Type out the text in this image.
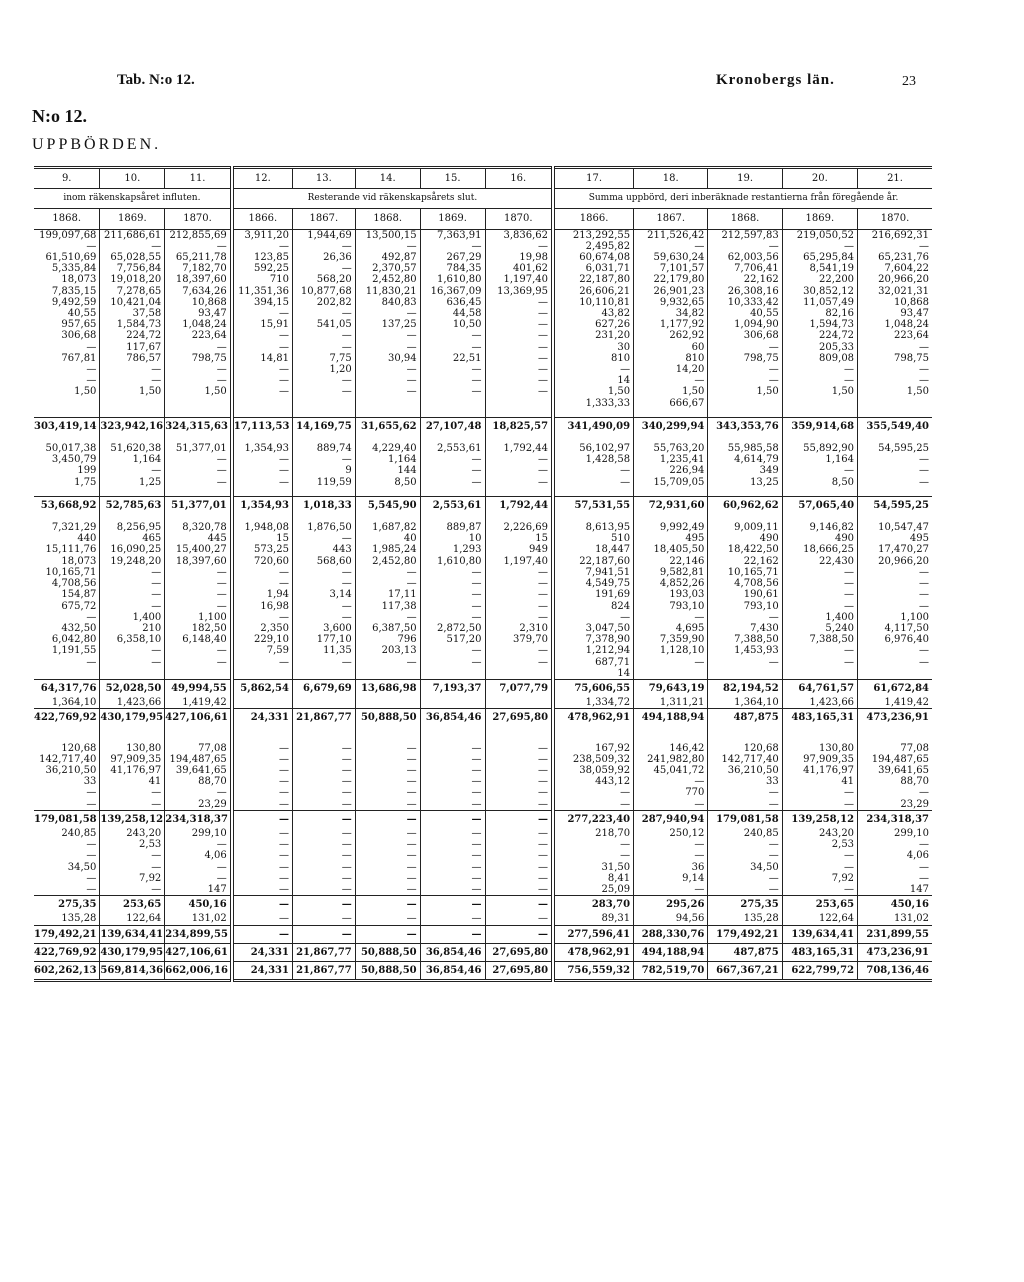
Tab. N:o 12.	Kronobergs län.	23
N:o 12.
UPPBÖRDEN.
9.	10.	11.	12.	13.	14.	15.	16.	17.	18.	19.	20.	21.
inom räkenskapsåret influten.			Resterande vid räkenskapsårets slut.					Summa uppbörd, deri inberäknade restantierna från föregående år.				
1868.	1869.	1870.	1866.	1867.	1868.	1869.	1870.	1866.	1867.	1868.	1869.	1870.
199,097,68	211,686,61	212,855,69	3,911,20	1,944,69	13,500,15	7,363,91	3,836,62	213,292,55	211,526,42	212,597,83	219,050,52	216,692,31
—	—	—	—	—	—	—	—	2,495,82	—	—	—	—
61,510,69	65,028,55	65,211,78	123,85	26,36	492,87	267,29	19,98	60,674,08	59,630,24	62,003,56	65,295,84	65,231,76
5,335,84	7,756,84	7,182,70	592,25	—	2,370,57	784,35	401,62	6,031,71	7,101,57	7,706,41	8,541,19	7,604,22
18,073	19,018,20	18,397,60	710	568,20	2,452,80	1,610,80	1,197,40	22,187,80	22,179,80	22,162	22,200	20,966,20
7,835,15	7,278,65	7,634,26	11,351,36	10,877,68	11,830,21	16,367,09	13,369,95	26,606,21	26,901,23	26,308,16	30,852,12	32,021,31
9,492,59	10,421,04	10,868	394,15	202,82	840,83	636,45	—	10,110,81	9,932,65	10,333,42	11,057,49	10,868
40,55	37,58	93,47	—	—	—	44,58	—	43,82	34,82	40,55	82,16	93,47
957,65	1,584,73	1,048,24	15,91	541,05	137,25	10,50	—	627,26	1,177,92	1,094,90	1,594,73	1,048,24
306,68	224,72	223,64	—	—	—	—	—	231,20	262,92	306,68	224,72	223,64
—	117,67	—	—	—	—	—	—	30	60	—	205,33	—
767,81	786,57	798,75	14,81	7,75	30,94	22,51	—	810	810	798,75	809,08	798,75
—	—	—	—	1,20	—	—	—	—	14,20	—	—	—
—	—	—	—	—	—	—	—	14	—	—	—	—
1,50	1,50	1,50	—	—	—	—	—	1,50	1,50	1,50	1,50	1,50
								1,333,33	666,67			

303,419,14	323,942,16	324,315,63	17,113,53	14,169,75	31,655,62	27,107,48	18,825,57	341,490,09	340,299,94	343,353,76	359,914,68	355,549,40

50,017,38	51,620,38	51,377,01	1,354,93	889,74	4,229,40	2,553,61	1,792,44	56,102,97	55,763,20	55,985,58	55,892,90	54,595,25
3,450,79	1,164	—	—	—	1,164	—	—	1,428,58	1,235,41	4,614,79	1,164	—
199	—	—	—	9	144	—	—	—	226,94	349	—	—
1,75	1,25	—	—	119,59	8,50	—	—	—	15,709,05	13,25	8,50	—

53,668,92	52,785,63	51,377,01	1,354,93	1,018,33	5,545,90	2,553,61	1,792,44	57,531,55	72,931,60	60,962,62	57,065,40	54,595,25

7,321,29	8,256,95	8,320,78	1,948,08	1,876,50	1,687,82	889,87	2,226,69	8,613,95	9,992,49	9,009,11	9,146,82	10,547,47
440	465	445	15	—	40	10	15	510	495	490	490	495
15,111,76	16,090,25	15,400,27	573,25	443	1,985,24	1,293	949	18,447	18,405,50	18,422,50	18,666,25	17,470,27
18,073	19,248,20	18,397,60	720,60	568,60	2,452,80	1,610,80	1,197,40	22,187,60	22,146	22,162	22,430	20,966,20
10,165,71	—	—	—	—	—	—	—	7,941,51	9,582,81	10,165,71	—	—
4,708,56	—	—	—	—	—	—	—	4,549,75	4,852,26	4,708,56	—	—
154,87	—	—	1,94	3,14	17,11	—	—	191,69	193,03	190,61	—	—
675,72	—	—	16,98	—	117,38	—	—	824	793,10	793,10	—	—
—	1,400	1,100	—	—	—	—	—	—	—	—	1,400	1,100
432,50	210	182,50	2,350	3,600	6,387,50	2,872,50	2,310	3,047,50	4,695	7,430	5,240	4,117,50
6,042,80	6,358,10	6,148,40	229,10	177,10	796	517,20	379,70	7,378,90	7,359,90	7,388,50	7,388,50	6,976,40
1,191,55	—	—	7,59	11,35	203,13	—	—	1,212,94	1,128,10	1,453,93	—	—
—	—	—	—	—	—	—	—	687,71	—	—	—	—
								14				
64,317,76	52,028,50	49,994,55	5,862,54	6,679,69	13,686,98	7,193,37	7,077,79	75,606,55	79,643,19	82,194,52	64,761,57	61,672,84
1,364,10	1,423,66	1,419,42						1,334,72	1,311,21	1,364,10	1,423,66	1,419,42
422,769,92	430,179,95	427,106,61	24,331	21,867,77	50,888,50	36,854,46	27,695,80	478,962,91	494,188,94	487,875	483,165,31	473,236,91

120,68	130,80	77,08	—	—	—	—	—	167,92	146,42	120,68	130,80	77,08
142,717,40	97,909,35	194,487,65	—	—	—	—	—	238,509,32	241,982,80	142,717,40	97,909,35	194,487,65
36,210,50	41,176,97	39,641,65	—	—	—	—	—	38,059,92	45,041,72	36,210,50	41,176,97	39,641,65
33	41	88,70	—	—	—	—	—	443,12	—	33	41	88,70
—	—	—	—	—	—	—	—	—	770	—	—	—
—	—	23,29	—	—	—	—	—	—	—	—	—	23,29
179,081,58	139,258,12	234,318,37	—	—	—	—	—	277,223,40	287,940,94	179,081,58	139,258,12	234,318,37
240,85	243,20	299,10	—	—	—	—	—	218,70	250,12	240,85	243,20	299,10
—	2,53	—	—	—	—	—	—	—	—	—	2,53	—
—	—	4,06	—	—	—	—	—	—	—	—	—	4,06
34,50	—	—	—	—	—	—	—	31,50	36	34,50	—	—
—	7,92	—	—	—	—	—	—	8,41	9,14	—	7,92	—
—	—	147	—	—	—	—	—	25,09	—	—	—	147
275,35	253,65	450,16	—	—	—	—	—	283,70	295,26	275,35	253,65	450,16
135,28	122,64	131,02	—	—	—	—	—	89,31	94,56	135,28	122,64	131,02
179,492,21	139,634,41	234,899,55	—	—	—	—	—	277,596,41	288,330,76	179,492,21	139,634,41	231,899,55
422,769,92	430,179,95	427,106,61	24,331	21,867,77	50,888,50	36,854,46	27,695,80	478,962,91	494,188,94	487,875	483,165,31	473,236,91
602,262,13	569,814,36	662,006,16	24,331	21,867,77	50,888,50	36,854,46	27,695,80	756,559,32	782,519,70	667,367,21	622,799,72	708,136,46
